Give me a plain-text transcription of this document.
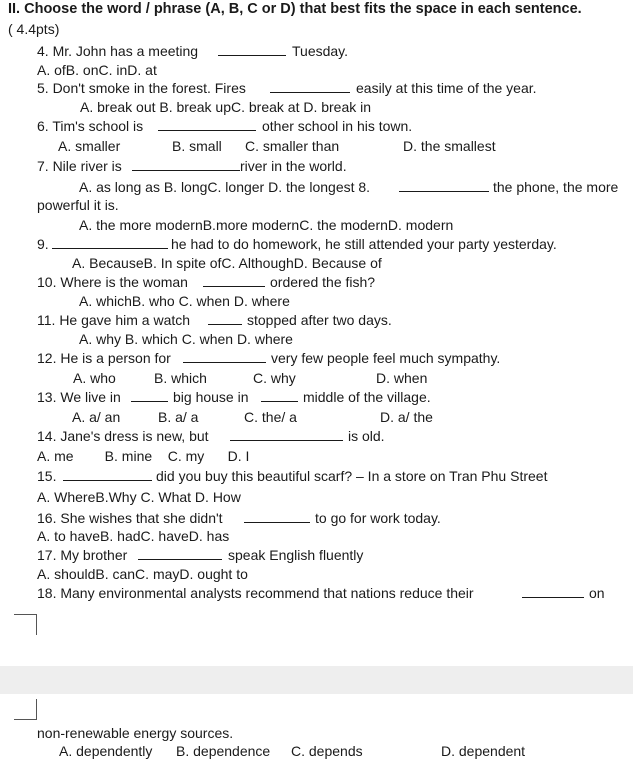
II. Choose the word / phrase (A, B, C or D) that best fits the space in each sentence.
( 4.4pts)
4. Mr. John has a meeting	Tuesday.
A. ofB. onC. inD. at
5. Don't smoke in the forest. Fires	easily at this time of the year.
A. break out B. break upC. break at D. break in
6. Tim's school is	other school in his town.
A. smaller	B. small C. smaller than	D. the smallest
7. Nile river is	river in the world.
A. as long as B. longC. longer D. the longest 8.	the phone, the more
powerful it is.
A. the more modernB.more modernC. the modernD. modern
9.	he had to do homework, he still attended your party yesterday.
A. BecauseB. In spite ofC. AlthoughD. Because of
10. Where is the woman	ordered the fish?
A. whichB. who C. when D. where
11. He gave him a watch	stopped after two days.
A. why B. which C. when D. where
12. He is a person for	very few people feel much sympathy.
A. who	B. which	C. why	D. when
13. We live in	big house in	middle of the village.
A. a/ an	B. a/ a	C. the/ a	D. a/ the
14. Jane's dress is new, but	is old.
A. me        B. mine    C. my      D. I
15.	did you buy this beautiful scarf? – In a store on Tran Phu Street
A. WhereB.Why C. What D. How
16. She wishes that she didn't	to go for work today.
A. to haveB. hadC. haveD. has
17. My brother	speak English fluently
A. shouldB. canC. mayD. ought to
18. Many environmental analysts recommend that nations reduce their	on
non-renewable energy sources.
A. dependently B. dependence C. depends	D. dependent
